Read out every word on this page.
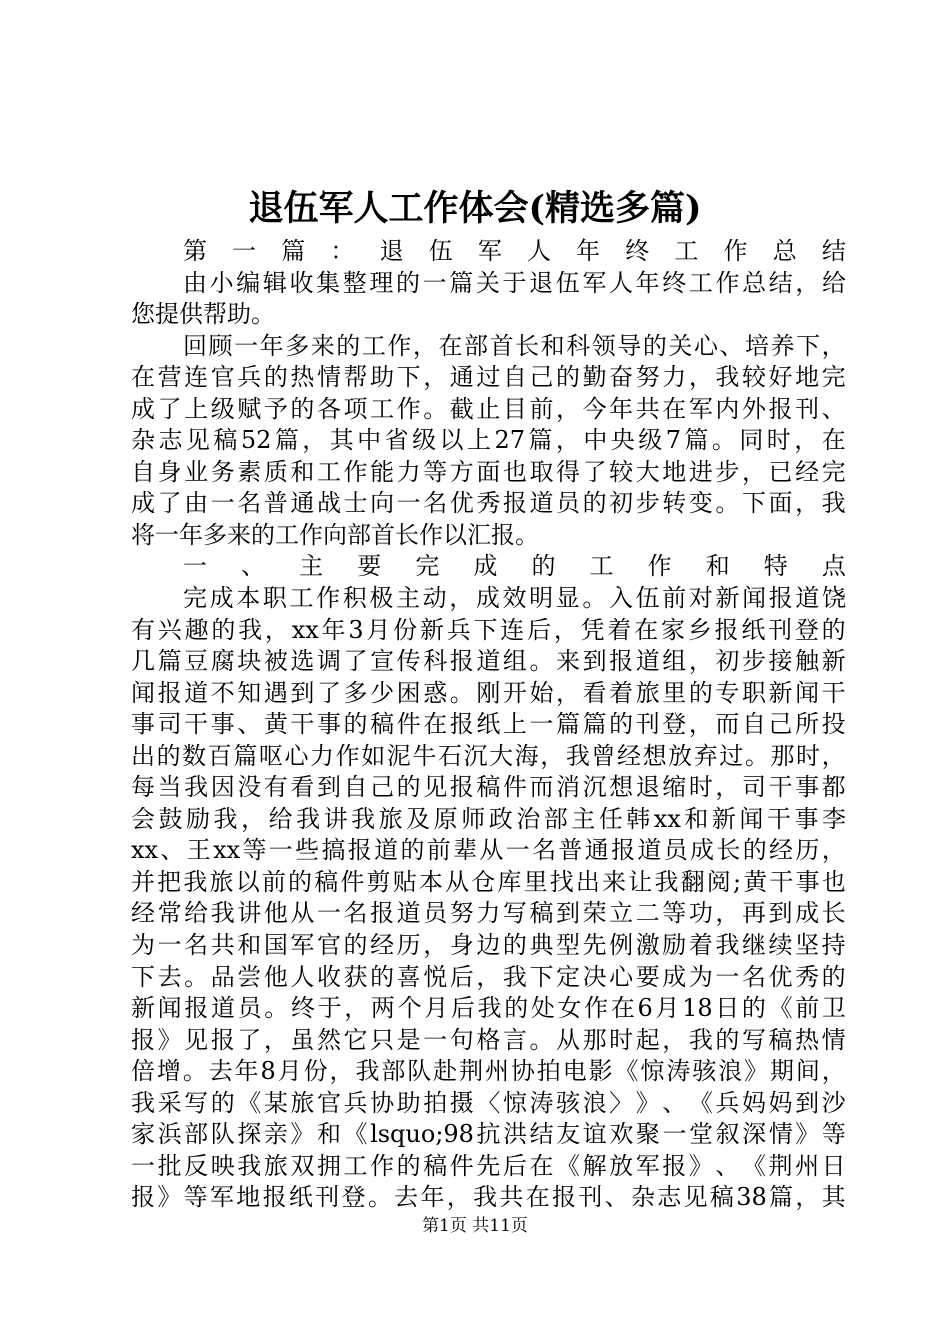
退伍军人工作体会(精选多篇)
第 一 篇 ： 退 伍 军 人 年 终 工 作 总 结
由 小 编 辑 收 集 整 理 的 一 篇 关 于 退 伍 军 人 年 终 工 作 总 结 ， 给
您提供帮助。
回 顾 一 年 多 来 的 工 作 ， 在 部 首 长 和 科 领 导 的 关 心 、 培 养 下 ，
在 营 连 官 兵 的 热 情 帮 助 下 ， 通 过 自 己 的 勤 奋 努 力 ， 我 较 好 地 完
成 了 上 级 赋 予 的 各 项 工 作 。 截 止 目 前 ， 今 年 共 在 军 内 外 报 刊 、
杂 志 见 稿 52 篇 ， 其 中 省 级 以 上 27 篇 ， 中 央 级 7 篇 。 同 时 ， 在
自 身 业 务 素 质 和 工 作 能 力 等 方 面 也 取 得 了 较 大 地 进 步 ， 已 经 完
成 了 由 一 名 普 通 战 士 向 一 名 优 秀 报 道 员 的 初 步 转 变 。 下 面 ， 我
将一年多来的工作向部首长作以汇报。
一 、 主 要 完 成 的 工 作 和 特 点
完 成 本 职 工 作 积 极 主 动 ， 成 效 明 显 。 入 伍 前 对 新 闻 报 道 饶
有 兴 趣 的 我 ， xx 年 3 月 份 新 兵 下 连 后 ， 凭 着 在 家 乡 报 纸 刊 登 的
几 篇 豆 腐 块 被 选 调 了 宣 传 科 报 道 组 。 来 到 报 道 组 ， 初 步 接 触 新
闻 报 道 不 知 遇 到 了 多 少 困 惑 。 刚 开 始 ， 看 着 旅 里 的 专 职 新 闻 干
事 司 干 事 、 黄 干 事 的 稿 件 在 报 纸 上 一 篇 篇 的 刊 登 ， 而 自 己 所 投
出 的 数 百 篇 呕 心 力 作 如 泥 牛 石 沉 大 海 ， 我 曾 经 想 放 弃 过 。 那 时 ，
每 当 我 因 没 有 看 到 自 己 的 见 报 稿 件 而 消 沉 想 退 缩 时 ， 司 干 事 都
会 鼓 励 我 ， 给 我 讲 我 旅 及 原 师 政 治 部 主 任 韩 xx 和 新 闻 干 事 李
xx 、 王 xx 等 一 些 搞 报 道 的 前 辈 从 一 名 普 通 报 道 员 成 长 的 经 历 ，
并 把 我 旅 以 前 的 稿 件 剪 贴 本 从 仓 库 里 找 出 来 让 我 翻 阅 ; 黄 干 事 也
经 常 给 我 讲 他 从 一 名 报 道 员 努 力 写 稿 到 荣 立 二 等 功 ， 再 到 成 长
为 一 名 共 和 国 军 官 的 经 历 ， 身 边 的 典 型 先 例 激 励 着 我 继 续 坚 持
下 去 。 品 尝 他 人 收 获 的 喜 悦 后 ， 我 下 定 决 心 要 成 为 一 名 优 秀 的
新 闻 报 道 员 。 终 于 ， 两 个 月 后 我 的 处 女 作 在 6 月 18 日 的 《 前 卫
报 》 见 报 了 ， 虽 然 它 只 是 一 句 格 言 。 从 那 时 起 ， 我 的 写 稿 热 情
倍 增 。 去 年 8 月 份 ， 我 部 队 赴 荆 州 协 拍 电 影 《 惊 涛 骇 浪 》 期 间 ，
我 采 写 的 《 某 旅 官 兵 协 助 拍 摄 〈 惊 涛 骇 浪 〉 》 、 《 兵 妈 妈 到 沙
家 浜 部 队 探 亲 》 和 《 lsquo;98 抗 洪 结 友 谊 欢 聚 一 堂 叙 深 情 》 等
一 批 反 映 我 旅 双 拥 工 作 的 稿 件 先 后 在 《 解 放 军 报 》 、 《 荆 州 日
报 》 等 军 地 报 纸 刊 登 。 去 年 ， 我 共 在 报 刊 、 杂 志 见 稿 38 篇 ， 其
第1页 共11页
